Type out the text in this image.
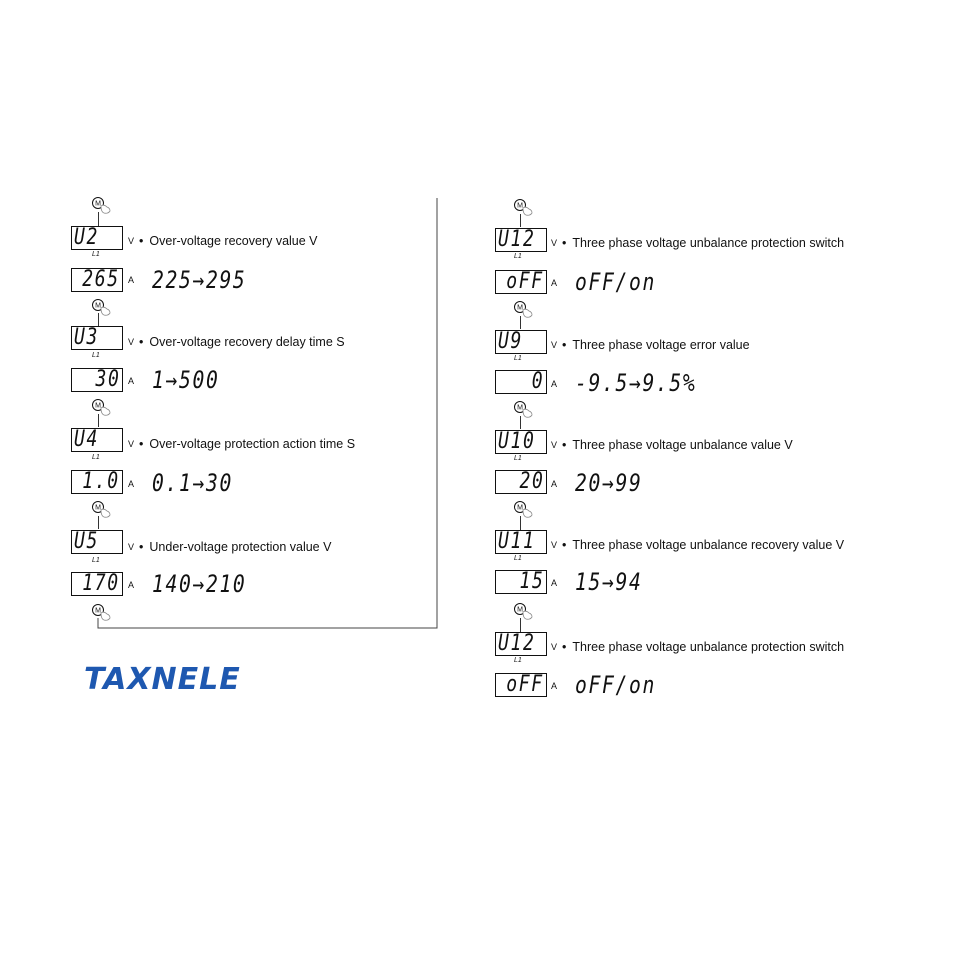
U2	V	• Over-voltage recovery value V
L1
265 A 225→295
U3	V	• Over-voltage recovery delay time S
L1
30 A 1→500
U4	V	• Over-voltage protection action time S
L1
1.0 A 0.1→30
U5	V	• Under-voltage protection value V
L1
170 A 140→210
TAXNELE
U12 V	• Three phase voltage unbalance protection switch
L1
oFF A oFF/on
U9	V	• Three phase voltage error value
L1
0 A -9.5→9.5%
U10 V	• Three phase voltage unbalance value V
L1
20 A 20→99
U11 V	• Three phase voltage unbalance recovery value V
L1
15 A 15→94
U12 V	• Three phase voltage unbalance protection switch
L1
oFF A oFF/on
